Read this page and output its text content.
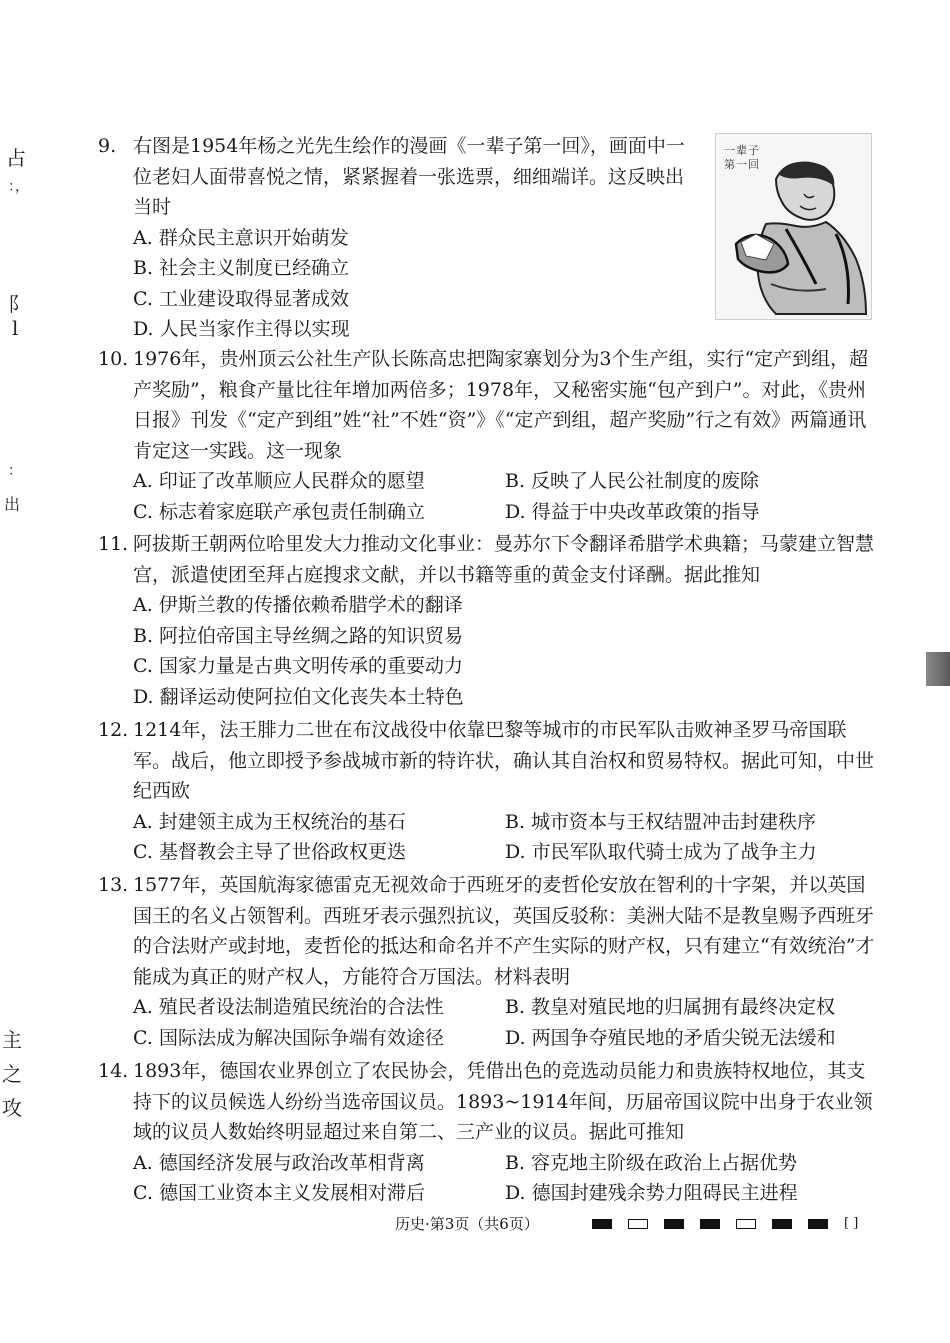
占
：，
阝
l
：
出
主
之
攻
9. 右图是1954年杨之光先生绘作的漫画《一辈子第一回》，画面中一位老妇人面带喜悦之情，紧紧握着一张选票，细细端详。这反映出当时
A. 群众民主意识开始萌发
B. 社会主义制度已经确立
C. 工业建设取得显著成效
D. 人民当家作主得以实现
一辈子
第一回
10. 1976年，贵州顶云公社生产队长陈高忠把陶家寨划分为3个生产组，实行“定产到组，超产奖励”，粮食产量比往年增加两倍多；1978年，又秘密实施“包产到户”。对此，《贵州日报》刊发《“定产到组”姓“社”不姓“资”》《“定产到组，超产奖励”行之有效》两篇通讯肯定这一实践。这一现象
A. 印证了改革顺应人民群众的愿望	B. 反映了人民公社制度的废除
C. 标志着家庭联产承包责任制确立	D. 得益于中央改革政策的指导
11. 阿拔斯王朝两位哈里发大力推动文化事业：曼苏尔下令翻译希腊学术典籍；马蒙建立智慧宫，派遣使团至拜占庭搜求文献，并以书籍等重的黄金支付译酬。据此推知
A. 伊斯兰教的传播依赖希腊学术的翻译
B. 阿拉伯帝国主导丝绸之路的知识贸易
C. 国家力量是古典文明传承的重要动力
D. 翻译运动使阿拉伯文化丧失本土特色
12. 1214年，法王腓力二世在布汶战役中依靠巴黎等城市的市民军队击败神圣罗马帝国联军。战后，他立即授予参战城市新的特许状，确认其自治权和贸易特权。据此可知，中世纪西欧
A. 封建领主成为王权统治的基石	B. 城市资本与王权结盟冲击封建秩序
C. 基督教会主导了世俗政权更迭	D. 市民军队取代骑士成为了战争主力
13. 1577年，英国航海家德雷克无视效命于西班牙的麦哲伦安放在智利的十字架，并以英国国王的名义占领智利。西班牙表示强烈抗议，英国反驳称：美洲大陆不是教皇赐予西班牙的合法财产或封地，麦哲伦的抵达和命名并不产生实际的财产权，只有建立“有效统治”才能成为真正的财产权人，方能符合万国法。材料表明
A. 殖民者设法制造殖民统治的合法性	B. 教皇对殖民地的归属拥有最终决定权
C. 国际法成为解决国际争端有效途径	D. 两国争夺殖民地的矛盾尖锐无法缓和
14. 1893年，德国农业界创立了农民协会，凭借出色的竞选动员能力和贵族特权地位，其支持下的议员候选人纷纷当选帝国议员。1893~1914年间，历届帝国议院中出身于农业领域的议员人数始终明显超过来自第二、三产业的议员。据此可推知
A. 德国经济发展与政治改革相背离	B. 容克地主阶级在政治上占据优势
C. 德国工业资本主义发展相对滞后	D. 德国封建残余势力阻碍民主进程
历史·第3页（共6页）	[ ]
